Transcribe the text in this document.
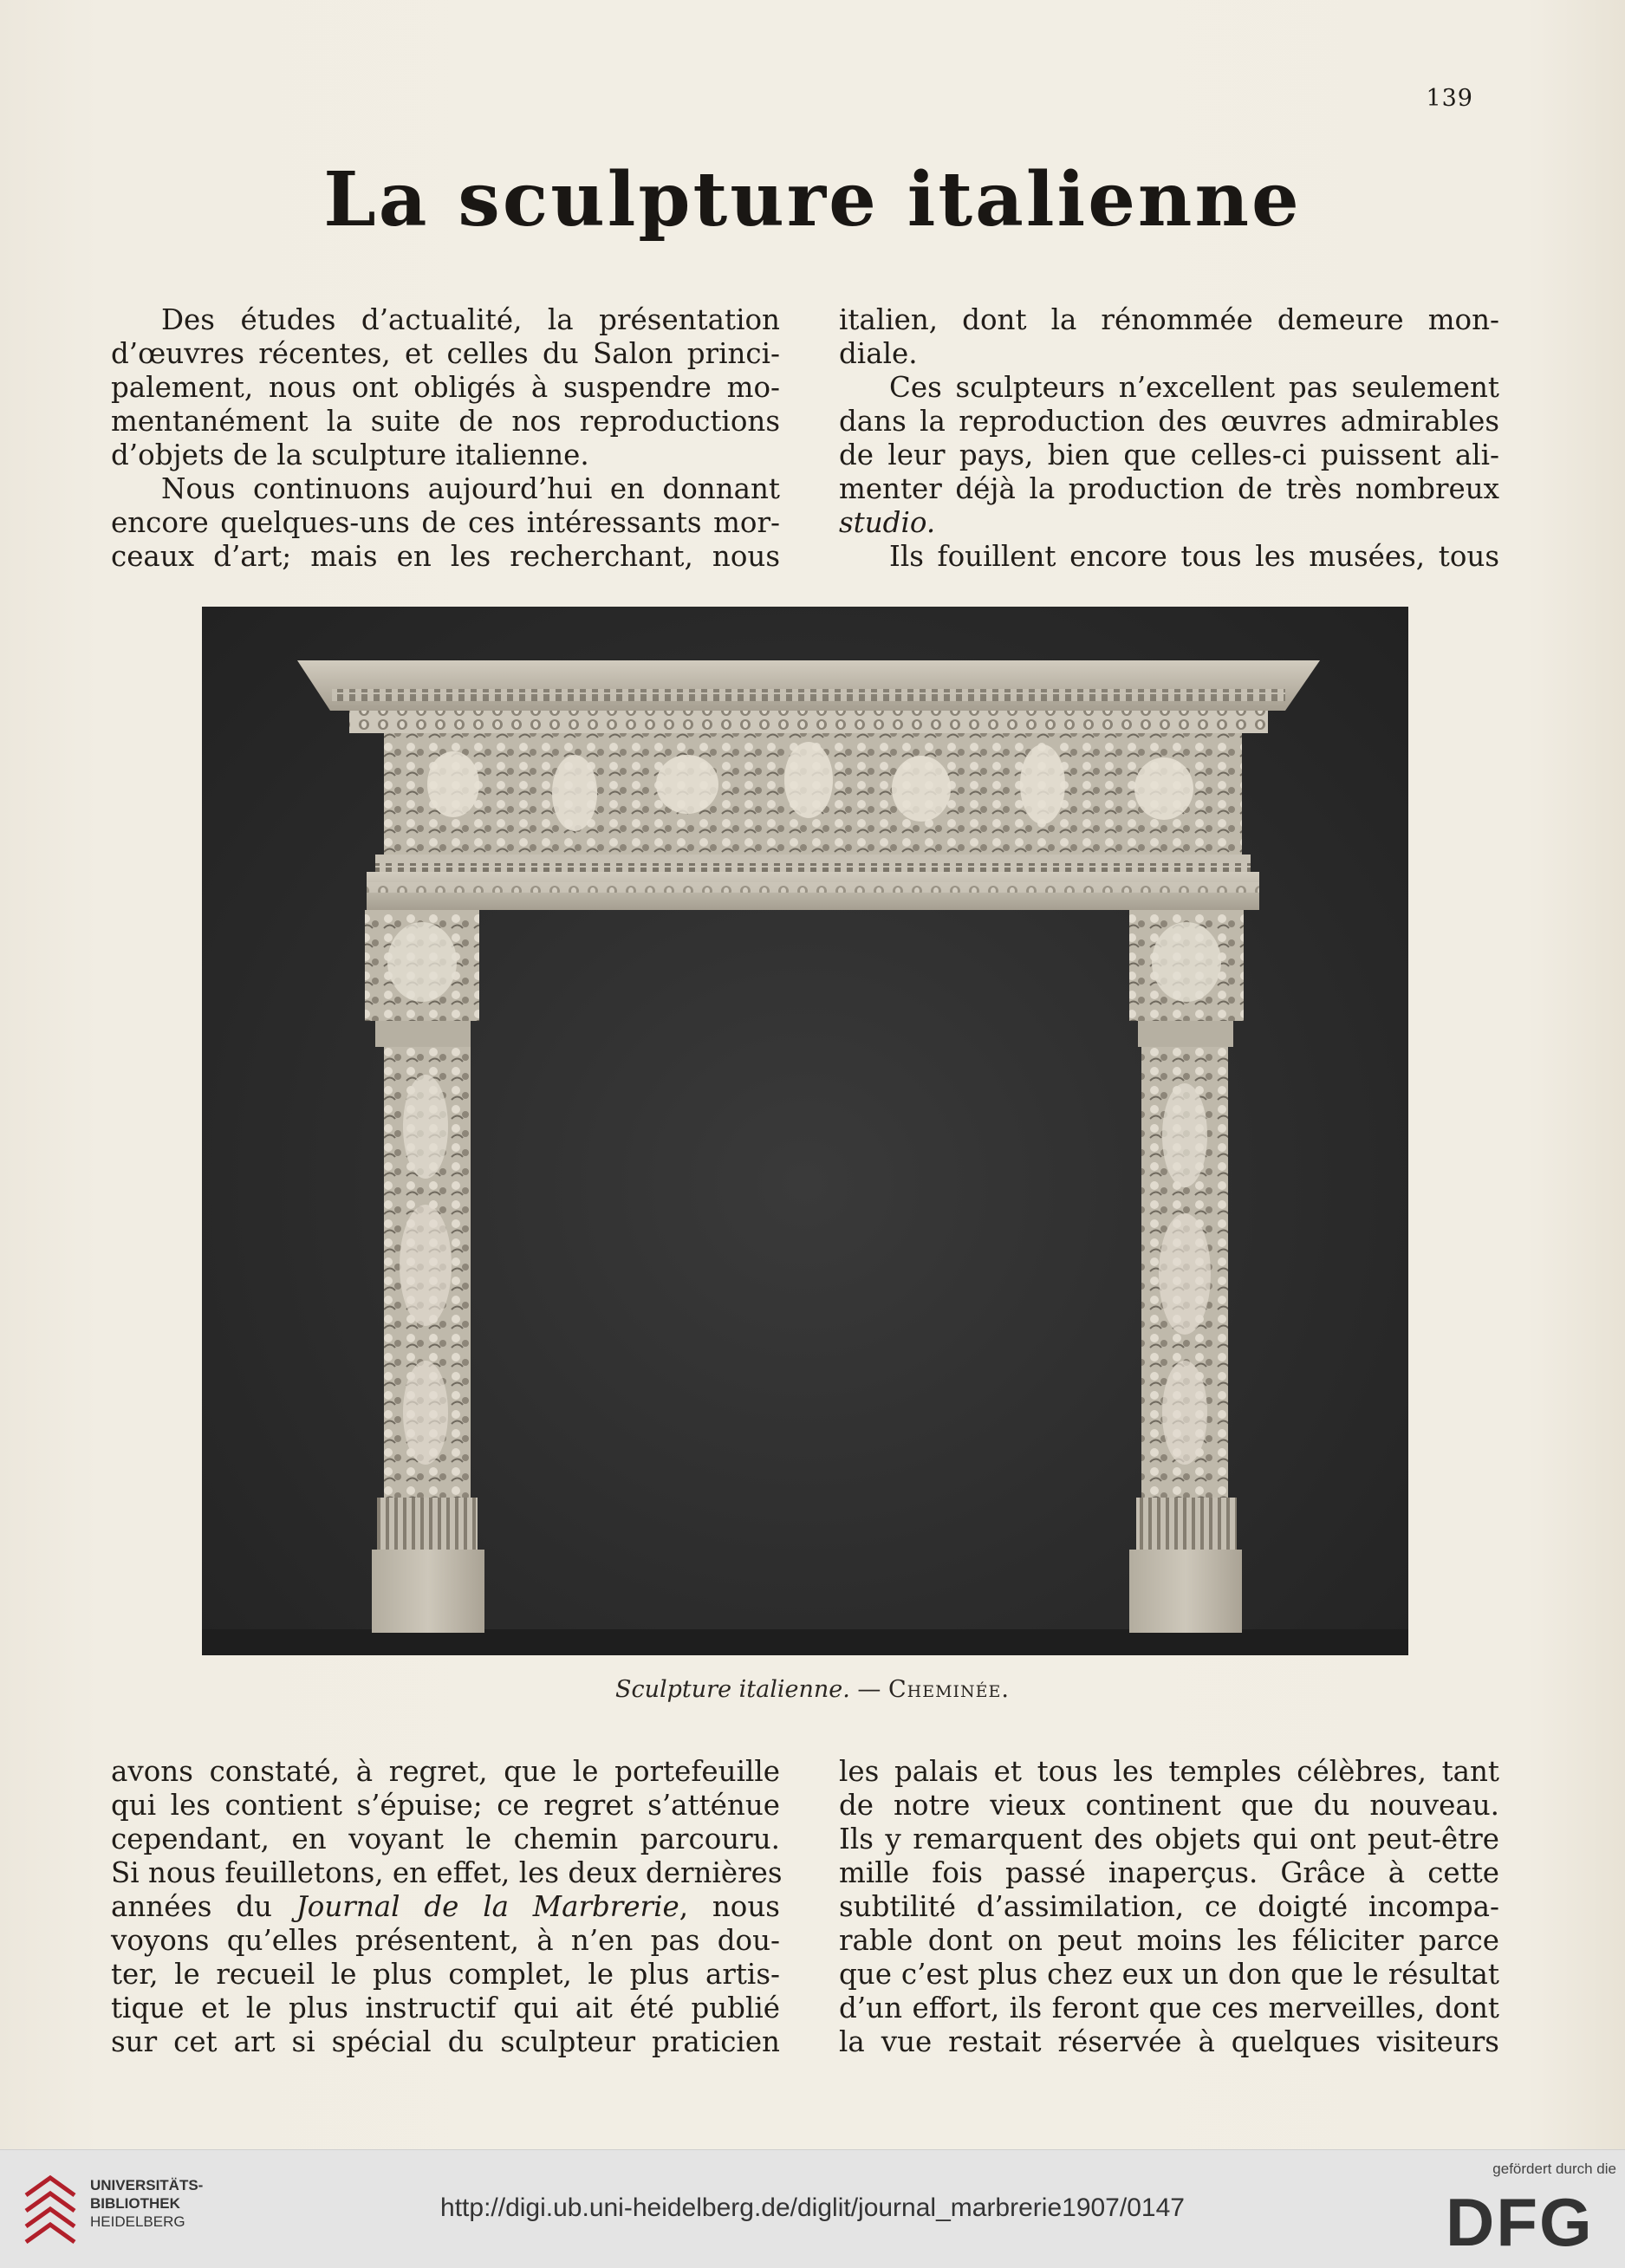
139
La sculpture italienne
Des études d’actualité, la présentation
d’œuvres récentes, et celles du Salon princi-
palement, nous ont obligés à suspendre mo-
mentanément la suite de nos reproductions
d’objets de la sculpture italienne.
Nous continuons aujourd’hui en donnant
encore quelques-uns de ces intéressants mor-
ceaux d’art; mais en les recherchant, nous
italien, dont la rénommée demeure mon-
diale.
Ces sculpteurs n’excellent pas seulement
dans la reproduction des œuvres admirables
de leur pays, bien que celles-ci puissent ali-
menter déjà la production de très nombreux
studio.
Ils fouillent encore tous les musées, tous
Sculpture italienne. — Cheminée.
avons constaté, à regret, que le portefeuille
qui les contient s’épuise; ce regret s’atténue
cependant, en voyant le chemin parcouru.
Si nous feuilletons, en effet, les deux dernières
années du Journal de la Marbrerie, nous
voyons qu’elles présentent, à n’en pas dou-
ter, le recueil le plus complet, le plus artis-
tique et le plus instructif qui ait été publié
sur cet art si spécial du sculpteur praticien
les palais et tous les temples célèbres, tant
de notre vieux continent que du nouveau.
Ils y remarquent des objets qui ont peut-être
mille fois passé inaperçus. Grâce à cette
subtilité d’assimilation, ce doigté incompa-
rable dont on peut moins les féliciter parce
que c’est plus chez eux un don que le résultat
d’un effort, ils feront que ces merveilles, dont
la vue restait réservée à quelques visiteurs
UNIVERSITÄTS-
BIBLIOTHEK
HEIDELBERG	http://digi.ub.uni-heidelberg.de/diglit/journal_marbrerie1907/0147
gefördert durch die
DFG
